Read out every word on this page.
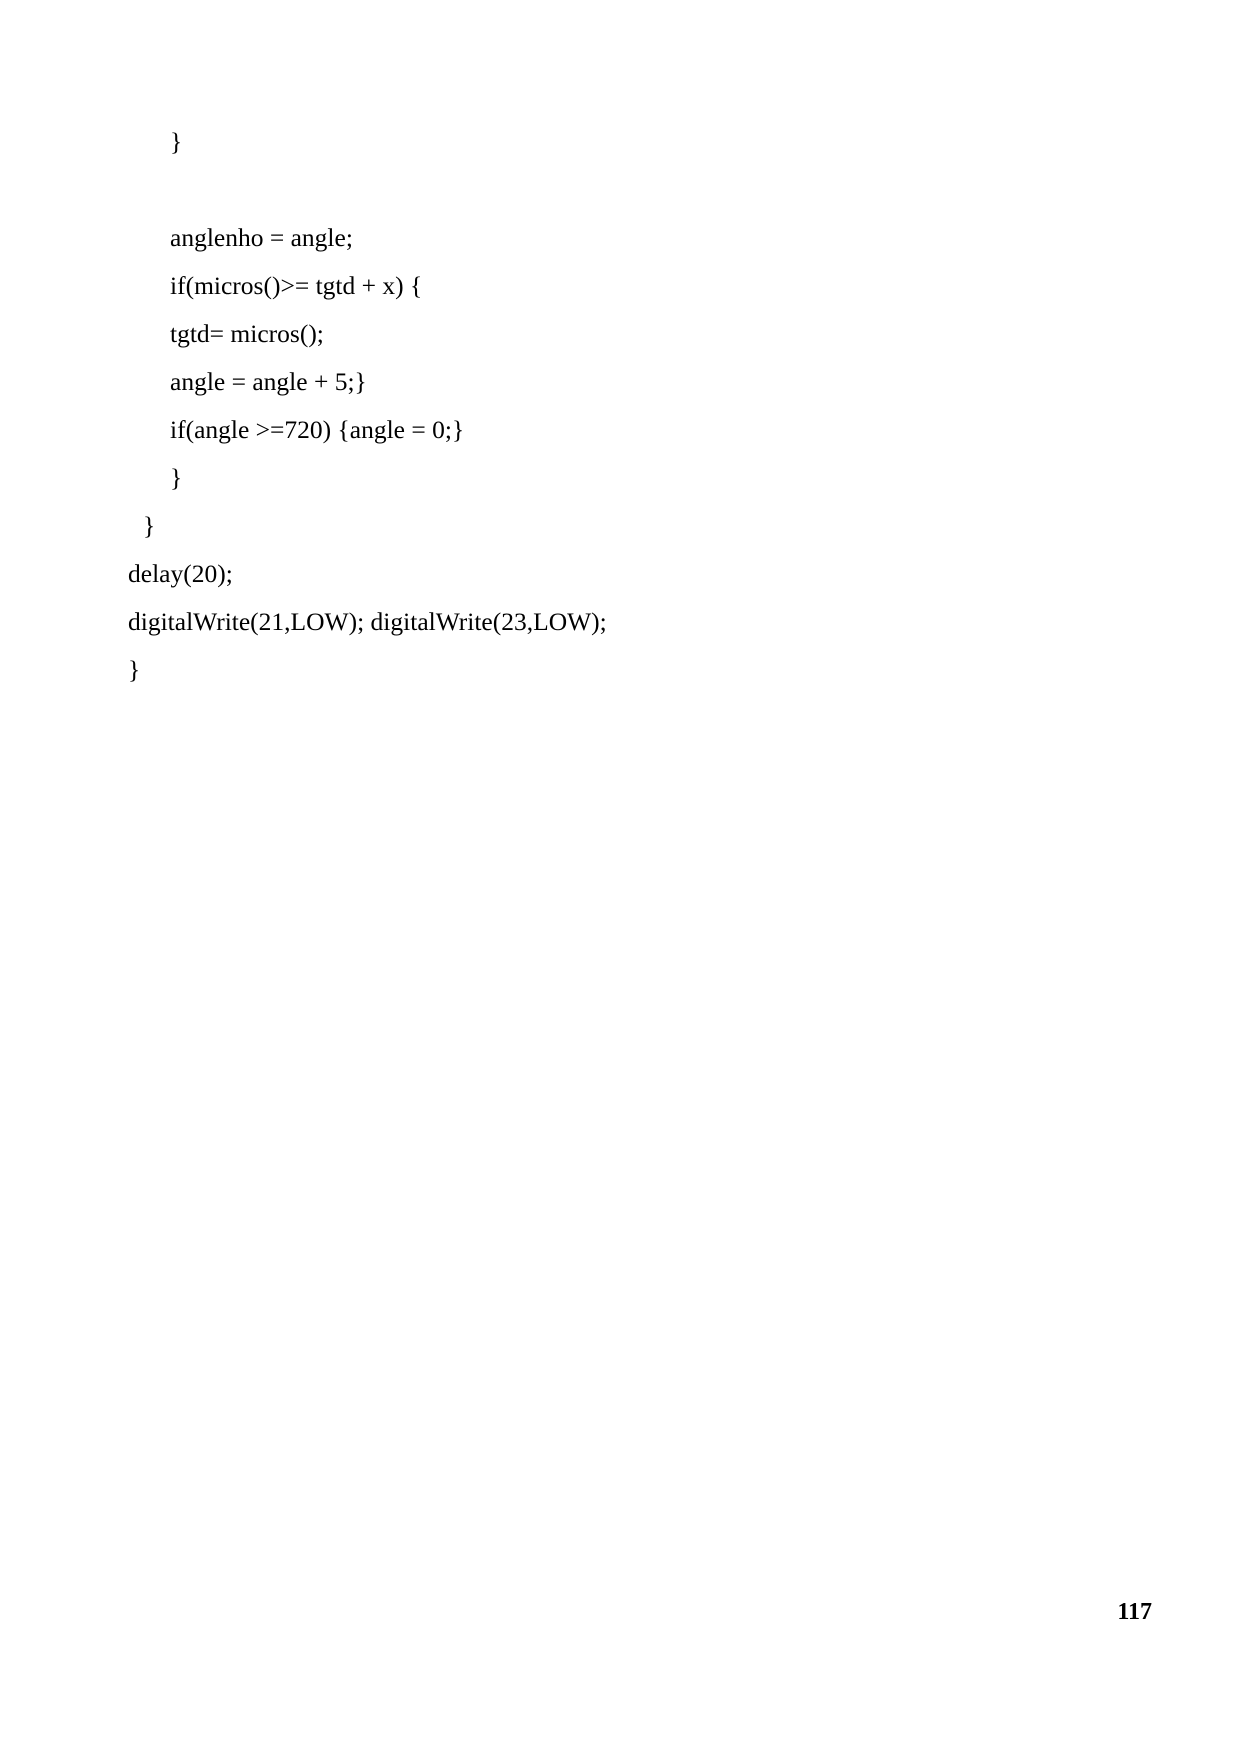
}

anglenho = angle;
if(micros()>= tgtd + x) {
tgtd= micros();
angle = angle + 5;}
if(angle >=720) {angle = 0;}
}
}
delay(20);
digitalWrite(21,LOW); digitalWrite(23,LOW);
}
117
